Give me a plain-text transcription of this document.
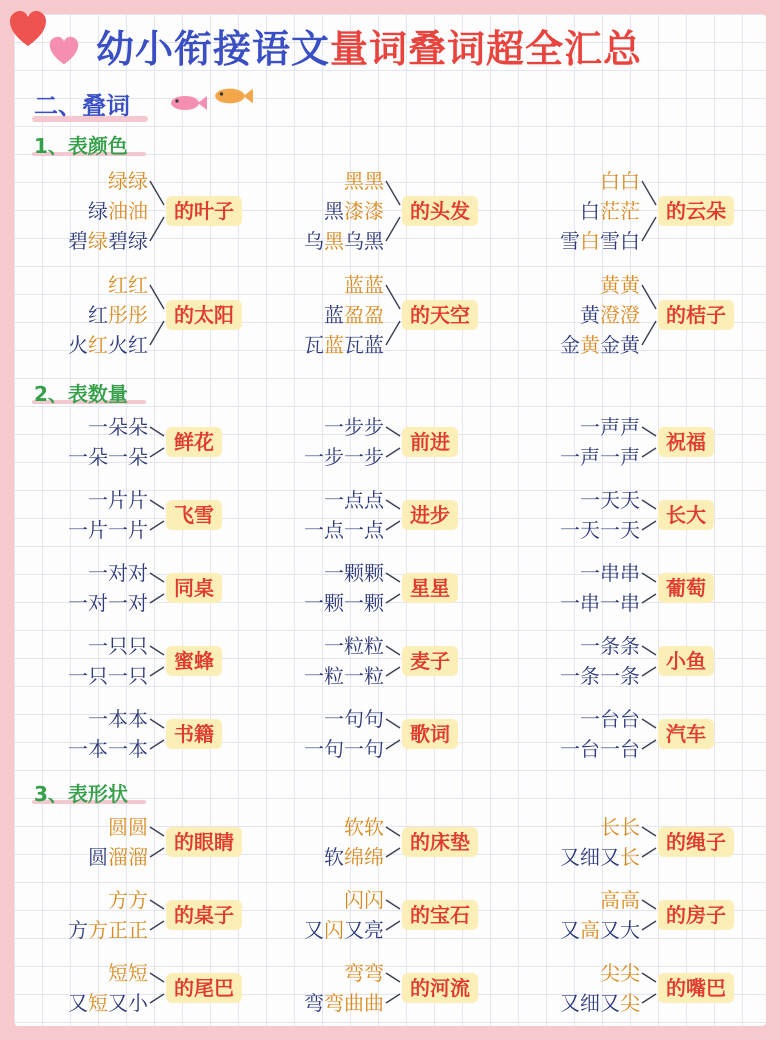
幼小衔接语文量词叠词超全汇总
二、叠词
1、表颜色
绿绿
绿油油
碧绿碧绿
的叶子
黑黑
黑漆漆
乌黑乌黑
的头发
白白
白茫茫
雪白雪白
的云朵
红红
红彤彤
火红火红
的太阳
蓝蓝
蓝盈盈
瓦蓝瓦蓝
的天空
黄黄
黄澄澄
金黄金黄
的桔子
2、表数量
一朵朵
一朵一朵
鲜花
一步步
一步一步
前进
一声声
一声一声
祝福
一片片
一片一片
飞雪
一点点
一点一点
进步
一天天
一天一天
长大
一对对
一对一对
同桌
一颗颗
一颗一颗
星星
一串串
一串一串
葡萄
一只只
一只一只
蜜蜂
一粒粒
一粒一粒
麦子
一条条
一条一条
小鱼
一本本
一本一本
书籍
一句句
一句一句
歌词
一台台
一台一台
汽车
3、表形状
圆圆
圆溜溜
的眼睛
软软
软绵绵
的床垫
长长
又细又长
的绳子
方方
方方正正
的桌子
闪闪
又闪又亮
的宝石
高高
又高又大
的房子
短短
又短又小
的尾巴
弯弯
弯弯曲曲
的河流
尖尖
又细又尖
的嘴巴
